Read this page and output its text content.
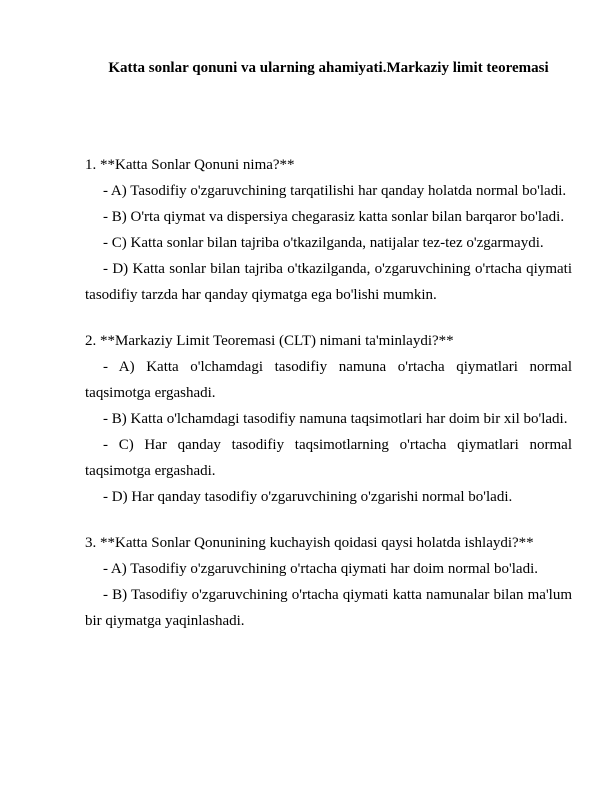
Katta sonlar qonuni va ularning ahamiyati.Markaziy limit teoremasi

1. **Katta Sonlar Qonuni nima?**

- A) Tasodifiy o'zgaruvchining tarqatilishi har qanday holatda normal bo'ladi.

- B) O'rta qiymat va dispersiya chegarasiz katta sonlar bilan barqaror bo'ladi.

- C) Katta sonlar bilan tajriba o'tkazilganda, natijalar tez-tez o'zgarmaydi.

- D) Katta sonlar bilan tajriba o'tkazilganda, o'zgaruvchining o'rtacha qiymati tasodifiy tarzda har qanday qiymatga ega bo'lishi mumkin.

2. **Markaziy Limit Teoremasi (CLT) nimani ta'minlaydi?**

- A) Katta o'lchamdagi tasodifiy namuna o'rtacha qiymatlari normal taqsimotga ergashadi.

- B) Katta o'lchamdagi tasodifiy namuna taqsimotlari har doim bir xil bo'ladi.

- C) Har qanday tasodifiy taqsimotlarning o'rtacha qiymatlari normal taqsimotga ergashadi.

- D) Har qanday tasodifiy o'zgaruvchining o'zgarishi normal bo'ladi.

3. **Katta Sonlar Qonunining kuchayish qoidasi qaysi holatda ishlaydi?**

- A) Tasodifiy o'zgaruvchining o'rtacha qiymati har doim normal bo'ladi.

- B) Tasodifiy o'zgaruvchining o'rtacha qiymati katta namunalar bilan ma'lum bir qiymatga yaqinlashadi.
